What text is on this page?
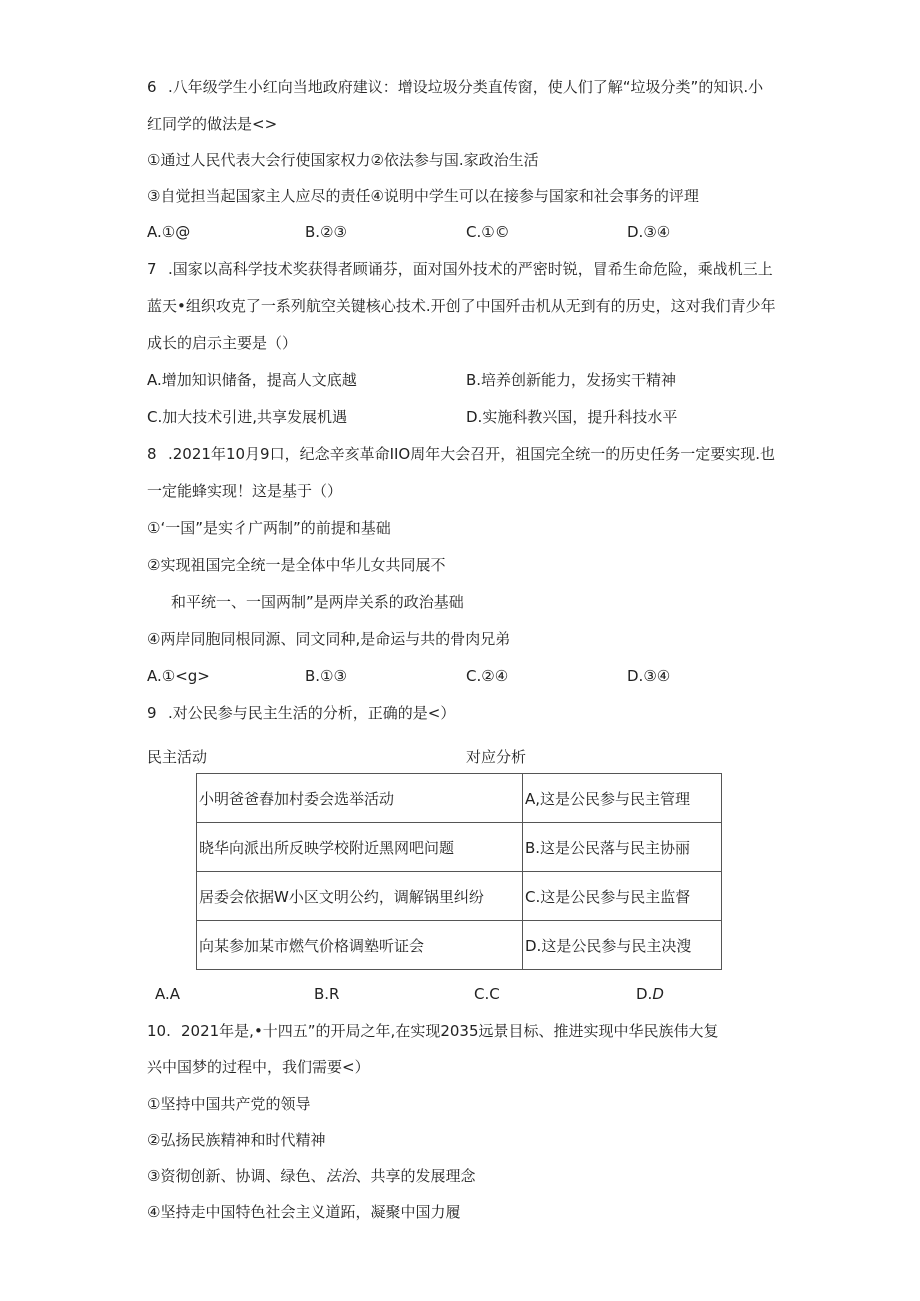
6 .八年级学生小红向当地政府建议：增设垃圾分类直传窗，使人们了解“垃圾分类”的知识.小
红同学的做法是<>
①通过人民代表大会行使国家权力②依法参与国.家政治生活
③自觉担当起国家主人应尽的责任④说明中学生可以在接参与国家和社会事务的评理
A.①@	B.②③	C.①©	D.③④
7 .国家以高科学技术奖获得者顾诵芬，面对国外技术的严密时锐，冒希生命危险，乘战机三上
蓝天•组织攻克了一系列航空关键核心技术.开创了中国歼击机从无到有的历史，这对我们青少年
成长的启示主要是（）
A.增加知识储备，提高人文底越	B.培养创新能力，发扬实干精神
C.加大技术引进,共享发展机遇	D.实施科教兴国，提升科技水平
8 .2021年10月9口，纪念辛亥革命IIO周年大会召开，祖国完全统一的历史任务一定要实现.也
一定能蜂实现！这是基于（）
①‘一国”是实彳广两制”的前提和基础
②实现祖国完全统一是全体中华儿女共同展不
和平统一、一国两制”是两岸关系的政治基础
④两岸同胞同根同源、同文同种,是命运与共的骨肉兄弟
A.①<g>	B.①③	C.②④	D.③④
9 .对公民参与民主生活的分析，正确的是<）
民主活动	对应分析
小明爸爸舂加村委会选举活动	A,这是公民参与民主管理
晓华向派出所反映学校附近黑网吧问题	B.这是公民落与民主协丽
居委会依据W小区文明公约，调解锅里纠纷	C.这是公民参与民主监督
向某参加某市燃气价格调塾听证会	D.这是公民参与民主决溲
A.A	B.R	C.C	D.D
10. 2021年是,•十四五”的开局之年,在实现2035远景目标、推进实现中华民族伟大复
兴中国梦的过程中，我们需要<）
①坚持中国共产党的领导
②弘扬民族精神和时代精神
③资彻创新、协调、绿色、法治、共享的发展理念
④坚持走中国特色社会主义道跖，凝聚中国力履
